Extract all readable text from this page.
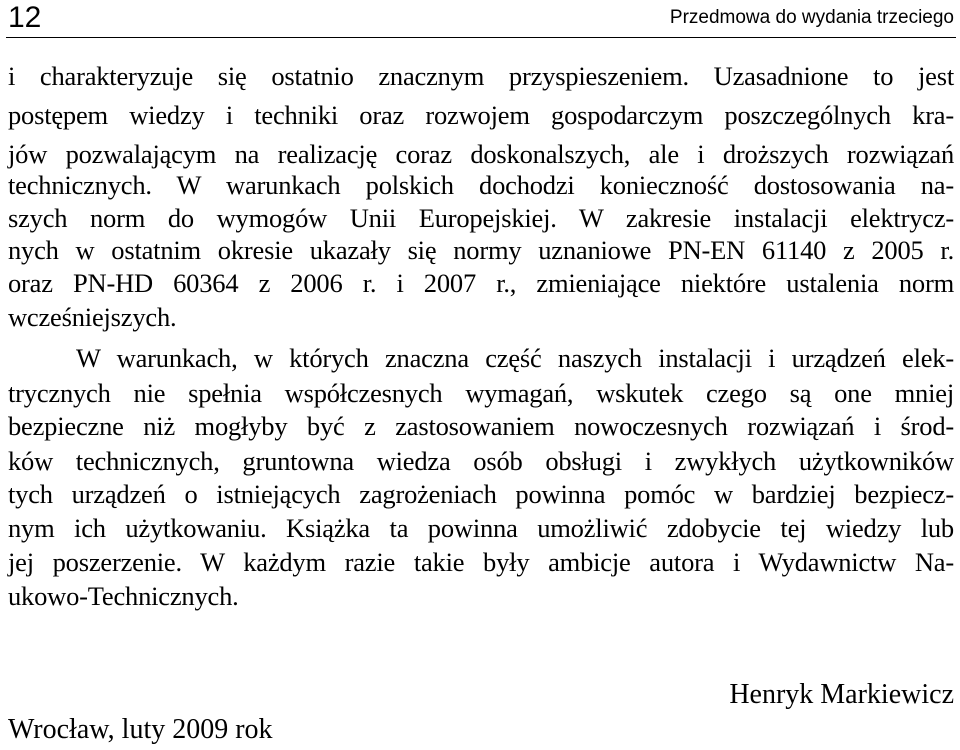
12	Przedmowa do wydania trzeciego
i charakteryzuje się ostatnio znacznym przyspieszeniem. Uzasadnione to jest
postępem wiedzy i techniki oraz rozwojem gospodarczym poszczególnych kra-
jów pozwalającym na realizację coraz doskonalszych, ale i droższych rozwiązań
technicznych. W warunkach polskich dochodzi konieczność dostosowania na-
szych norm do wymogów Unii Europejskiej. W zakresie instalacji elektrycz-
nych w ostatnim okresie ukazały się normy uznaniowe PN-EN 61140 z 2005 r.
oraz PN-HD 60364 z 2006 r. i 2007 r., zmieniające niektóre ustalenia norm
wcześniejszych.
W warunkach, w których znaczna część naszych instalacji i urządzeń elek-
trycznych nie spełnia współczesnych wymagań, wskutek czego są one mniej
bezpieczne niż mogłyby być z zastosowaniem nowoczesnych rozwiązań i środ-
ków technicznych, gruntowna wiedza osób obsługi i zwykłych użytkowników
tych urządzeń o istniejących zagrożeniach powinna pomóc w bardziej bezpiecz-
nym ich użytkowaniu. Książka ta powinna umożliwić zdobycie tej wiedzy lub
jej poszerzenie. W każdym razie takie były ambicje autora i Wydawnictw Na-
ukowo-Technicznych.
Henryk Markiewicz
Wrocław, luty 2009 rok
